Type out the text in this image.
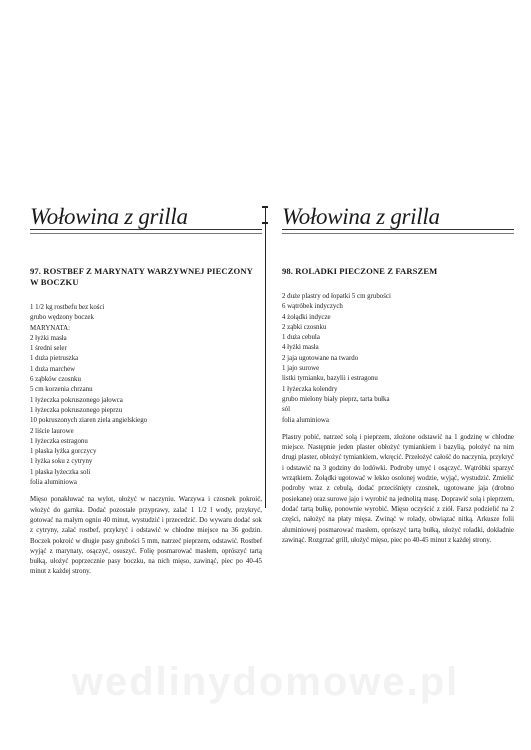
Wołowina z grilla
97. ROSTBEF Z MARYNATY WARZYWNEJ PIECZONY W BOCZKU
1 1/2 kg rostbefu bez kości
grubo wędzony boczek
MARYNATA:
2 łyżki masła
1 średni seler
1 duża pietruszka
1 duża marchew
6 ząbków czosnku
5 cm korzenia chrzanu
1 łyżeczka pokruszonego jałowca
1 łyżeczka pokruszonego pieprzu
10 pokruszonych ziaren ziela angielskiego
2 liście laurowe
1 łyżeczka estragonu
1 płaska łyżka gorczycy
1 łyżka soku z cytryny
1 płaska łyżeczka soli
folia aluminiowa
Mięso ponakłuwać na wylot, ułożyć w naczyniu. Warzywa i czosnek pokroić, włożyć do garnka. Dodać pozostałe przyprawy, zalać 1 1/2 l wody, przykryć, gotować na małym ogniu 40 minut, wystudzić i przecedzić. Do wywaru dodać sok z cytryny, zalać rostbef, przykryć i odstawić w chłodne miejsce na 36 godzin. Boczek pokroić w długie pasy grubości 5 mm, natrzeć pieprzem, odstawić. Rostbef wyjąć z marynaty, osączyć, osuszyć. Folię posmarować masłem, oprószyć tartą bułką, ułożyć poprzecznie pasy boczku, na nich mięso, zawinąć, piec po 40-45 minut z każdej strony.
Wołowina z grilla
98. ROLADKI PIECZONE Z FARSZEM
2 duże plastry od łopatki 5 cm grubości
6 wątróbek indyczych
4 żołądki indycze
2 ząbki czosnku
1 duża cebula
4 łyżki masła
2 jaja ugotowane na twardo
1 jajo surowe
listki tymianku, bazylii i estragonu
1 łyżeczka kolendry
grubo mielony biały pieprz, tarta bułka
sól
folia aluminiowa
Plastry pobić, natrzeć solą i pieprzem, złożone odstawić na 1 godzinę w chłodne miejsce. Następnie jeden plaster obłożyć tymiankiem i bazylią, położyć na nim drugi plaster, obłożyć tymiankiem, wkręcić. Przełożyć całość do naczynia, przykryć i odstawić na 3 godziny do lodówki. Podroby umyć i osączyć. Wątróbki sparzyć wrzątkiem. Żołądki ugotować w lekko osolonej wodzie, wyjąć, wystudzić. Zmielić podroby wraz z cebulą, dodać przeciśnięty czosnek, ugotowane jaja (drobno posiekane) oraz surowe jajo i wyrobić na jednolitą masę. Doprawić solą i pieprzem, dodać tartą bułkę, ponownie wyrobić. Mięso oczyścić z ziół. Farsz podzielić na 2 części, nałożyć na płaty mięsa. Zwinąć w rolady, obwiązać nitką. Arkusze folii aluminiowej posmarować masłem, oprószyć tartą bułką, ułożyć roladki, dokładnie zawinąć. Rozgrzać grill, ułożyć mięso, piec po 40-45 minut z każdej strony.
wedlinydomowe.pl
